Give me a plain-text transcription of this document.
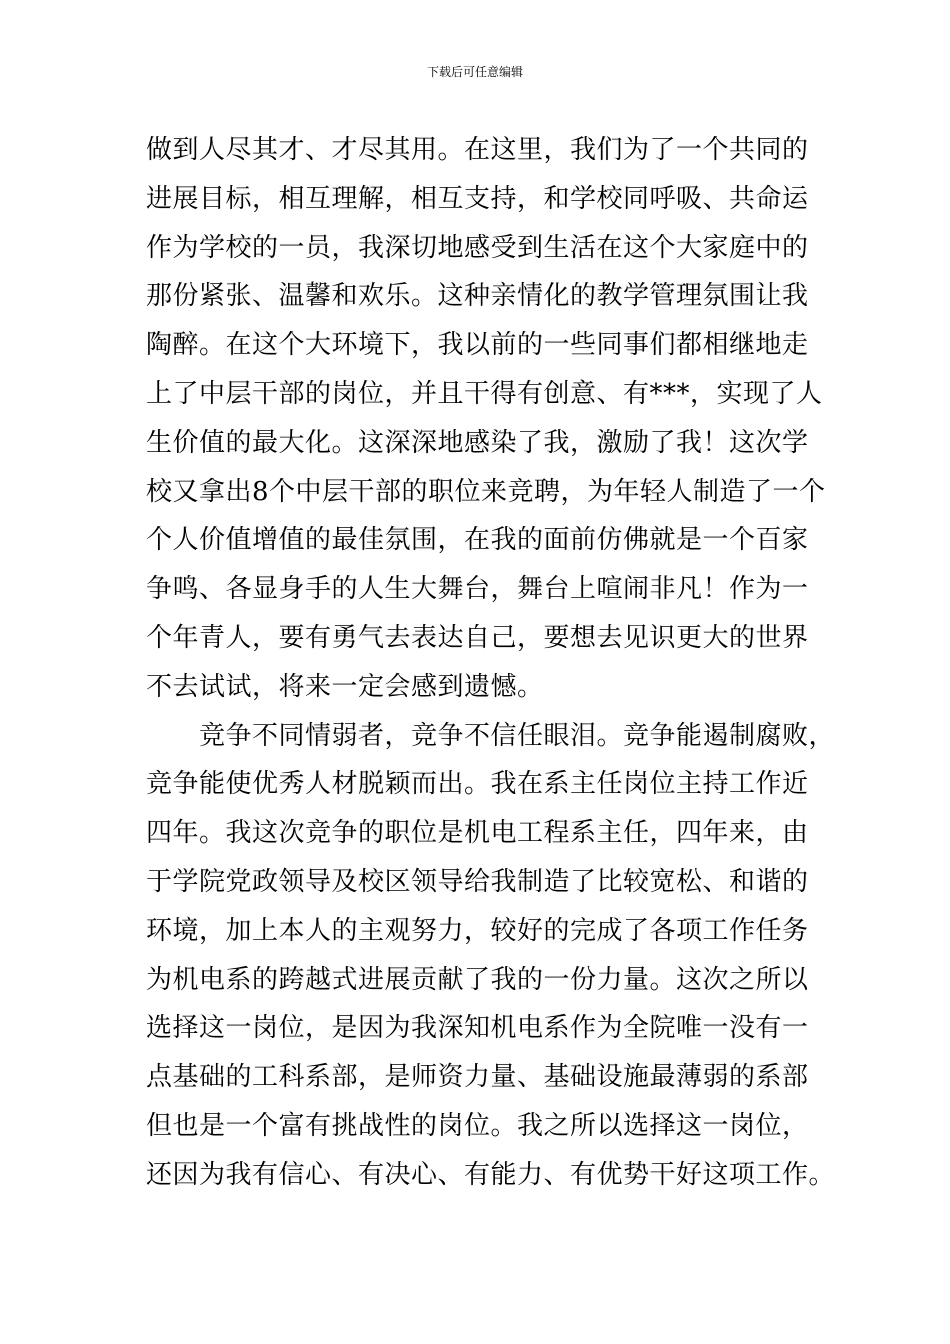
下载后可任意编辑
做到人尽其才、才尽其用。在这里，我们为了一个共同的
进展目标，相互理解，相互支持，和学校同呼吸、共命运
作为学校的一员，我深切地感受到生活在这个大家庭中的
那份紧张、温馨和欢乐。这种亲情化的教学管理氛围让我
陶醉。在这个大环境下，我以前的一些同事们都相继地走
上了中层干部的岗位，并且干得有创意、有***，实现了人
生价值的最大化。这深深地感染了我，激励了我！这次学
校又拿出8个中层干部的职位来竞聘，为年轻人制造了一个
个人价值增值的最佳氛围，在我的面前仿佛就是一个百家
争鸣、各显身手的人生大舞台，舞台上喧闹非凡！作为一
个年青人，要有勇气去表达自己，要想去见识更大的世界
不去试试，将来一定会感到遗憾。
　　竞争不同情弱者，竞争不信任眼泪。竞争能遏制腐败，
竞争能使优秀人材脱颖而出。我在系主任岗位主持工作近
四年。我这次竞争的职位是机电工程系主任，四年来，由
于学院党政领导及校区领导给我制造了比较宽松、和谐的
环境，加上本人的主观努力，较好的完成了各项工作任务
为机电系的跨越式进展贡献了我的一份力量。这次之所以
选择这一岗位，是因为我深知机电系作为全院唯一没有一
点基础的工科系部，是师资力量、基础设施最薄弱的系部
但也是一个富有挑战性的岗位。我之所以选择这一岗位，
还因为我有信心、有决心、有能力、有优势干好这项工作。
